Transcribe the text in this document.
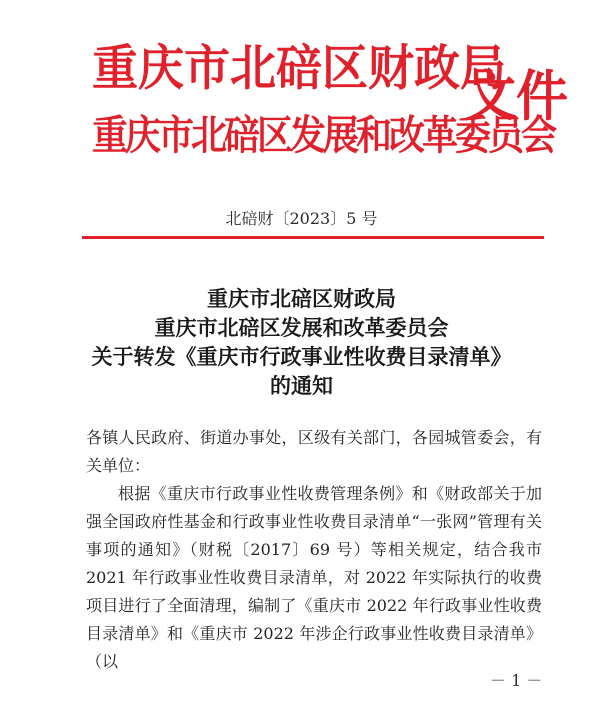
重庆市北碚区财政局
重庆市北碚区发展和改革委员会
文件
北碚财〔2023〕5 号
重庆市北碚区财政局
重庆市北碚区发展和改革委员会
关于转发《重庆市行政事业性收费目录清单》
的通知

各镇人民政府、街道办事处，区级有关部门，各园城管委会，有关单位：

根据《重庆市行政事业性收费管理条例》和《财政部关于加强全国政府性基金和行政事业性收费目录清单“一张网”管理有关事项的通知》（财税〔2017〕69 号）等相关规定，结合我市 2021 年行政事业性收费目录清单，对 2022 年实际执行的收费项目进行了全面清理，编制了《重庆市 2022 年行政事业性收费目录清单》和《重庆市 2022 年涉企行政事业性收费目录清单》（以

－ 1 －
